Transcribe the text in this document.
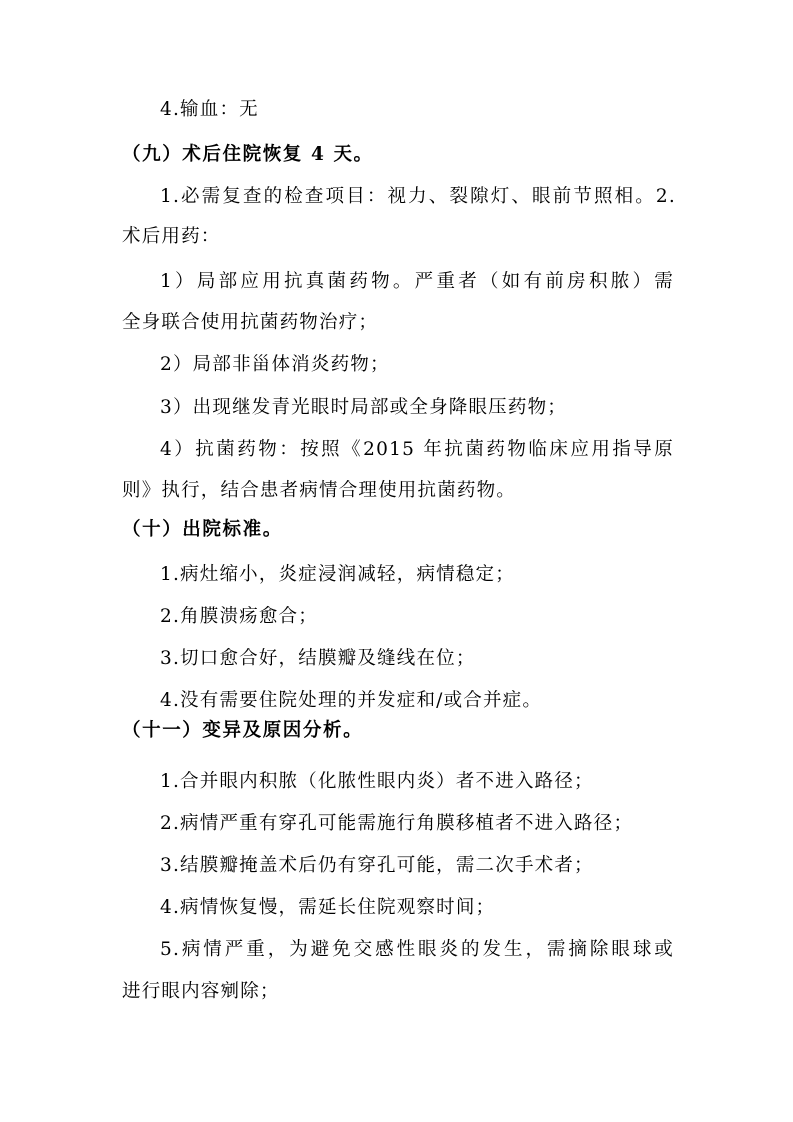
4.输血：无
（九）术后住院恢复 4 天。
1.必需复查的检查项目：视力、裂隙灯、眼前节照相。2.
术后用药：
1）局部应用抗真菌药物。严重者（如有前房积脓）需
全身联合使用抗菌药物治疗；
2）局部非甾体消炎药物；
3）出现继发青光眼时局部或全身降眼压药物；
4）抗菌药物：按照《2015 年抗菌药物临床应用指导原
则》执行，结合患者病情合理使用抗菌药物。
（十）出院标准。
1.病灶缩小，炎症浸润减轻，病情稳定；
2.角膜溃疡愈合；
3.切口愈合好，结膜瓣及缝线在位；
4.没有需要住院处理的并发症和/或合并症。
（十一）变异及原因分析。
1.合并眼内积脓（化脓性眼内炎）者不进入路径；
2.病情严重有穿孔可能需施行角膜移植者不进入路径；
3.结膜瓣掩盖术后仍有穿孔可能，需二次手术者；
4.病情恢复慢，需延长住院观察时间；
5.病情严重，为避免交感性眼炎的发生，需摘除眼球或
进行眼内容剜除；
